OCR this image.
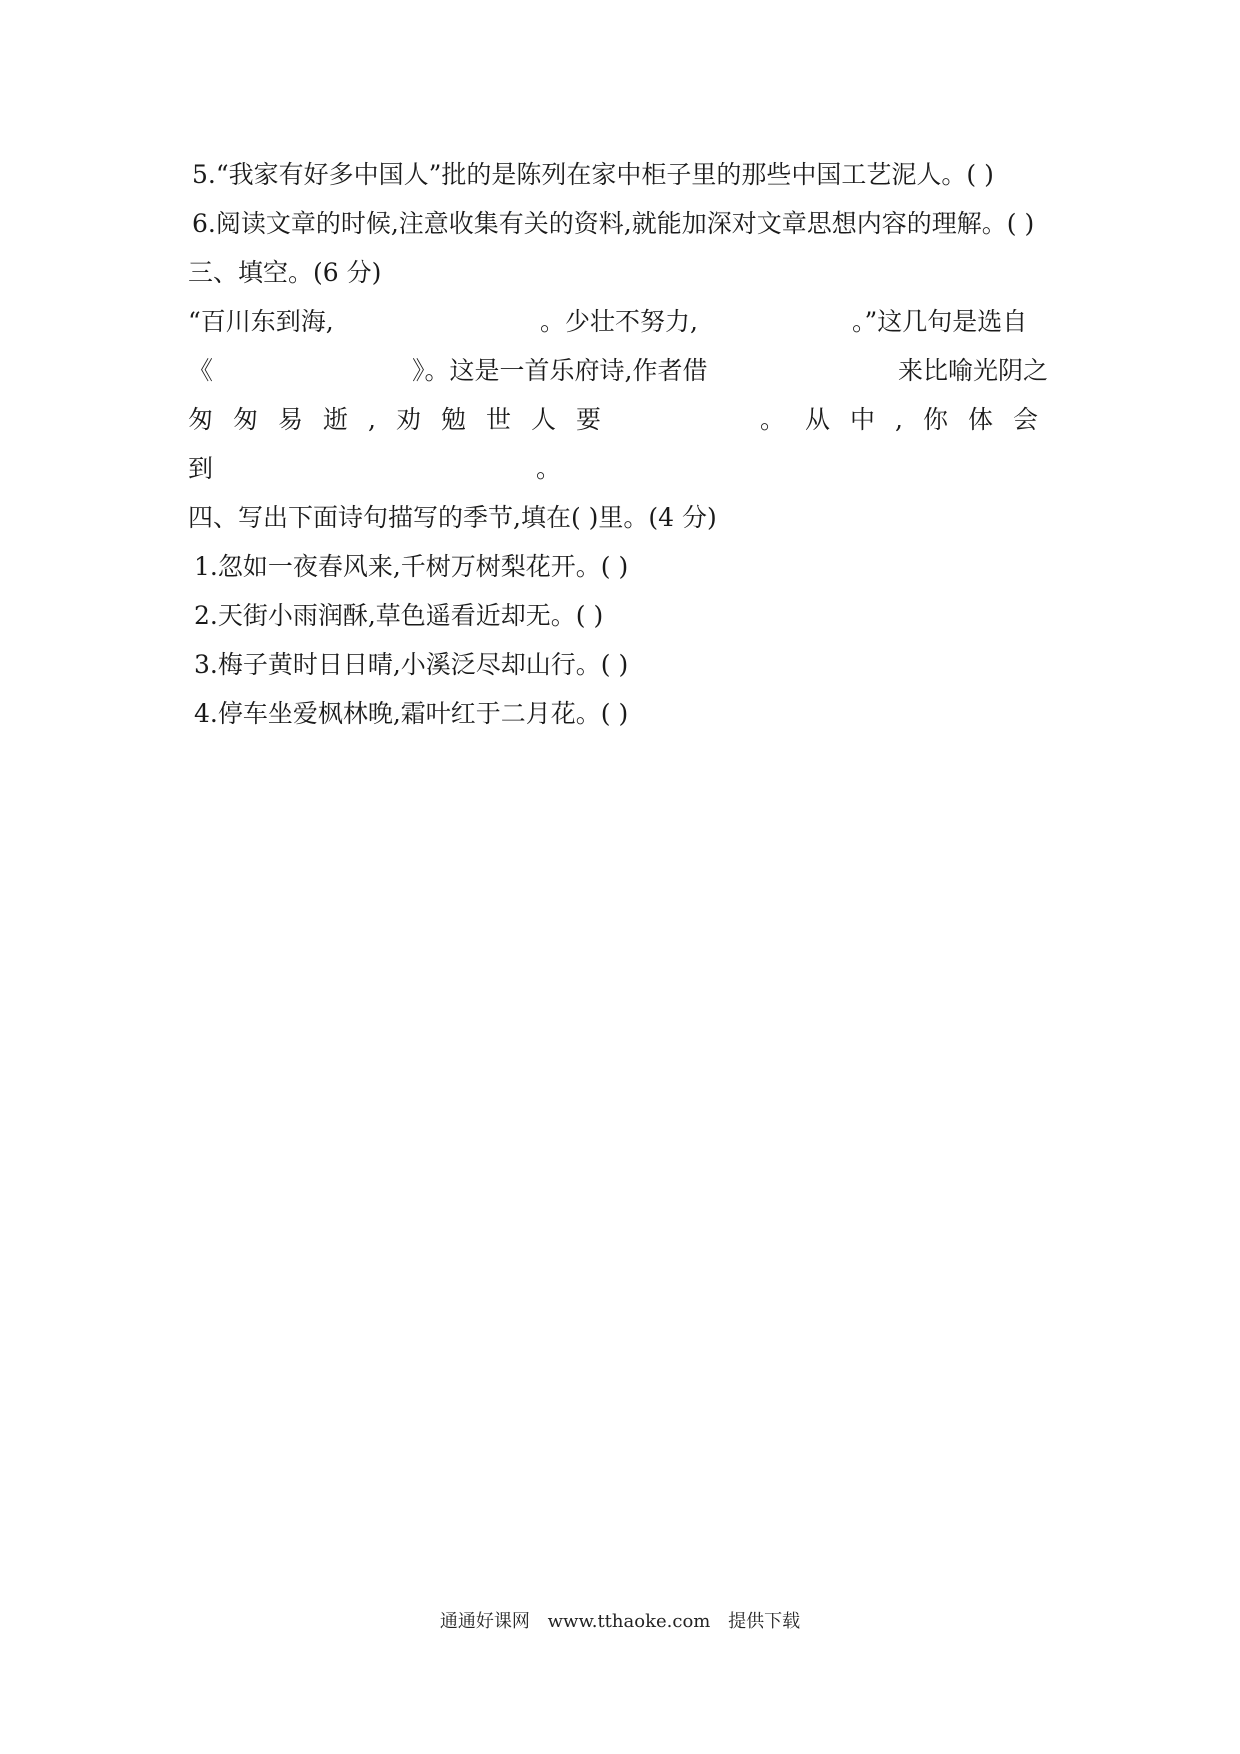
5.“我家有好多中国人”批的是陈列在家中柜子里的那些中国工艺泥人。( )
6.阅读文章的时候,注意收集有关的资料,就能加深对文章思想内容的理解。( )
三、填空。(6 分)
“百川东到海,	。少壮不努力,	。”这几句是选自
《	》。这是一首乐府诗,作者借	来比喻光阴之
匆匆易逝,劝勉世人要	。从中,你体会
到	。
四、写出下面诗句描写的季节,填在( )里。(4 分)
1.忽如一夜春风来,千树万树梨花开。( )
2.天街小雨润酥,草色遥看近却无。( )
3.梅子黄时日日晴,小溪泛尽却山行。( )
4.停车坐爱枫林晚,霜叶红于二月花。( )
通通好课网 www.tthaoke.com 提供下载
